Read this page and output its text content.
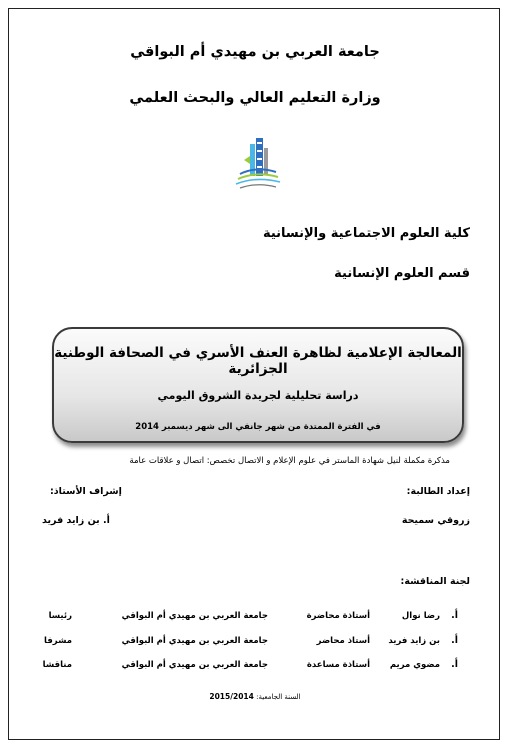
جامعة العربي بن مهيدي أم البواقي
وزارة التعليم العالي والبحث العلمي
كلية العلوم الاجتماعية والإنسانية
قسم العلوم الإنسانية
المعالجة الإعلامية لظاهرة العنف الأسري في الصحافة الوطنية الجزائرية
دراسة تحليلية لجريدة الشروق اليومي
في الفترة الممتدة من شهر جانفي الى شهر ديسمبر 2014
مذكرة مكملة لنيل شهادة الماستر في علوم الإعلام و الاتصال تخصص: اتصال و علاقات عامة
إعداد الطالبة:
إشراف الأستاذ:
زروقي سميحة
أ. بن زايد فريد
لجنة المناقشة:
أ.
رضا نوال
أستاذة محاضرة
جامعة العربي بن مهيدي أم البواقي
رئيسا
أ.
بن زايد فريد
أستاذ محاضر
جامعة العربي بن مهيدي أم البواقي
مشرفا
أ.
مضوي مريم
أستاذة مساعدة
جامعة العربي بن مهيدي أم البواقي
مناقشا
السنة الجامعية: 2015/2014
